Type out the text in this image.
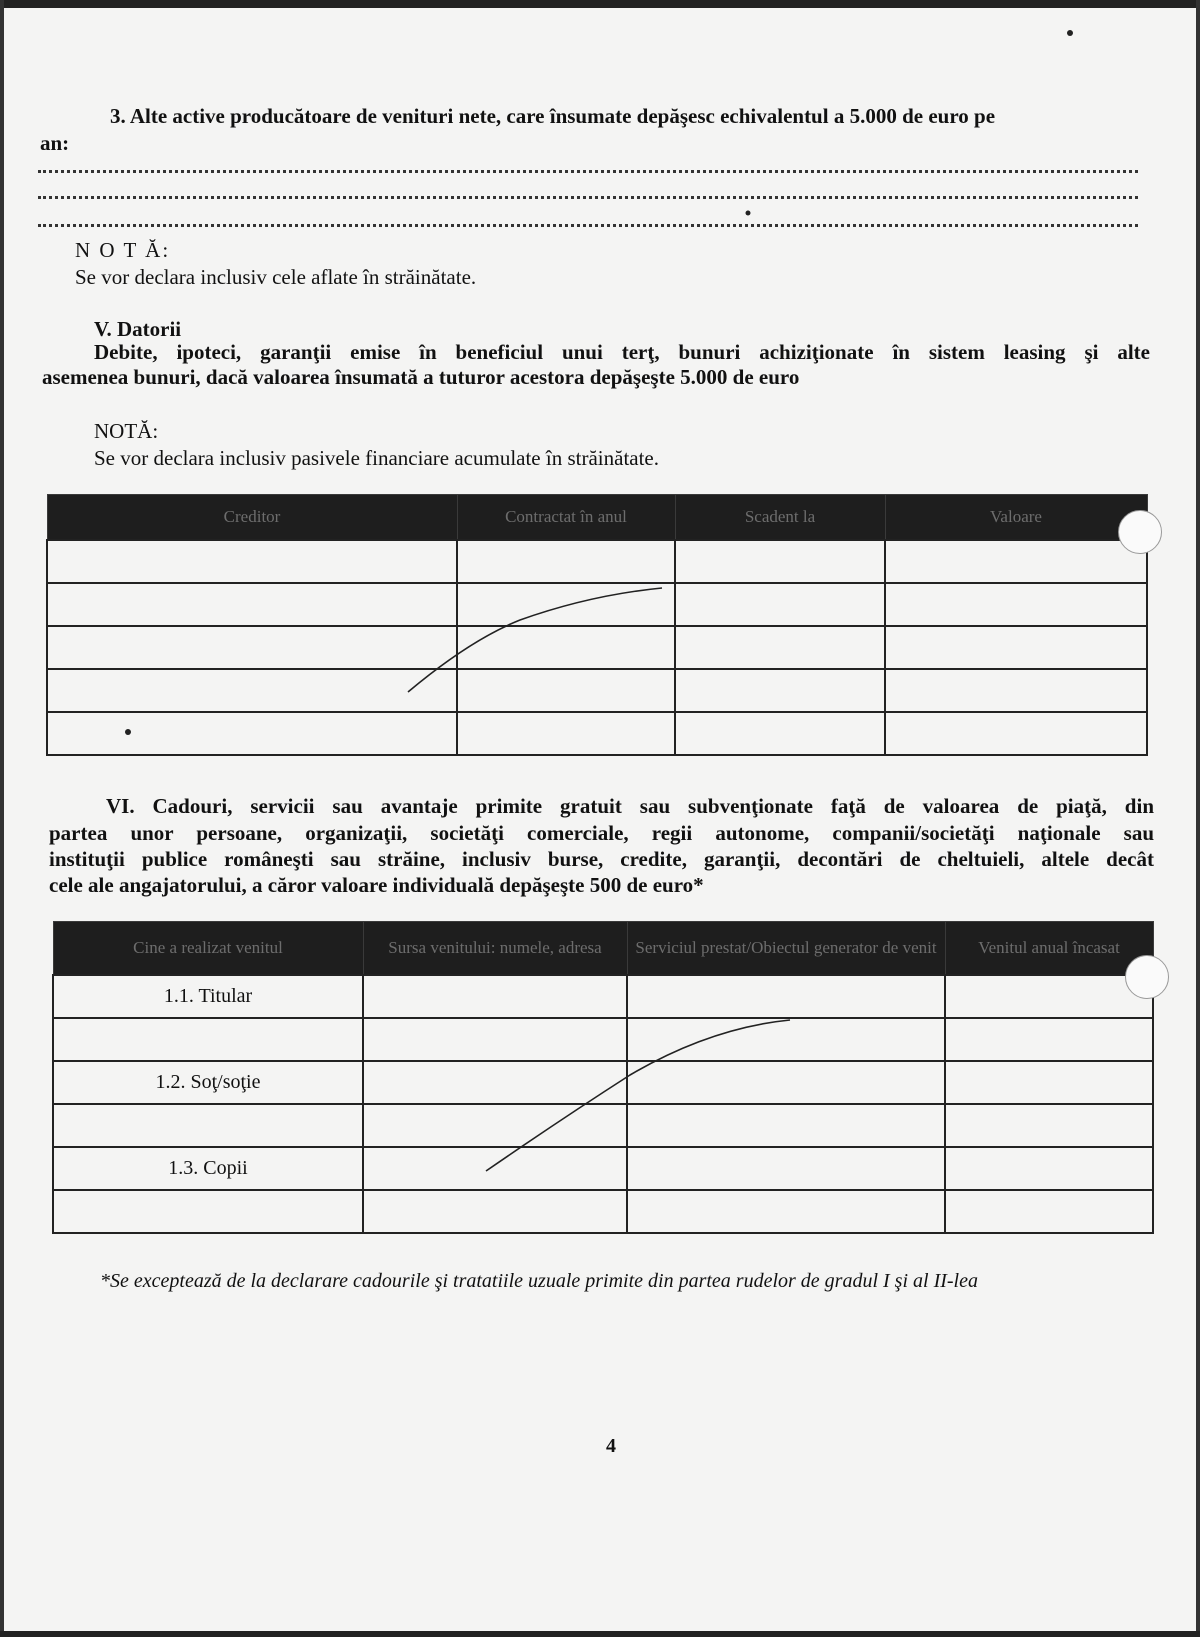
3. Alte active producătoare de venituri nete, care însumate depăşesc echivalentul a 5.000 de euro pe
an:
N O T Ă:
Se vor declara inclusiv cele aflate în străinătate.
V. Datorii
Debite, ipoteci, garanţii emise în beneficiul unui terţ, bunuri achiziţionate în sistem leasing şi alte
asemenea bunuri, dacă valoarea însumată a tuturor acestora depăşeşte 5.000 de euro
NOTĂ:
Se vor declara inclusiv pasivele financiare acumulate în străinătate.
Creditor	Contractat în anul	Scadent la	Valoare

VI. Cadouri, servicii sau avantaje primite gratuit sau subvenţionate faţă de valoarea de piaţă, din
partea unor persoane, organizaţii, societăţi comerciale, regii autonome, companii/societăţi naţionale sau
instituţii publice româneşti sau străine, inclusiv burse, credite, garanţii, decontări de cheltuieli, altele decât
cele ale angajatorului, a căror valoare individuală depăşeşte 500 de euro*
Cine a realizat venitul	Sursa venitului: numele, adresa	Serviciul prestat/Obiectul generator de venit	Venitul anual încasat
1.1. Titular			

1.2. Soţ/soţie			

1.3. Copii			

*Se exceptează de la declarare cadourile şi tratatiile uzuale primite din partea rudelor de gradul I şi al II-lea
4
